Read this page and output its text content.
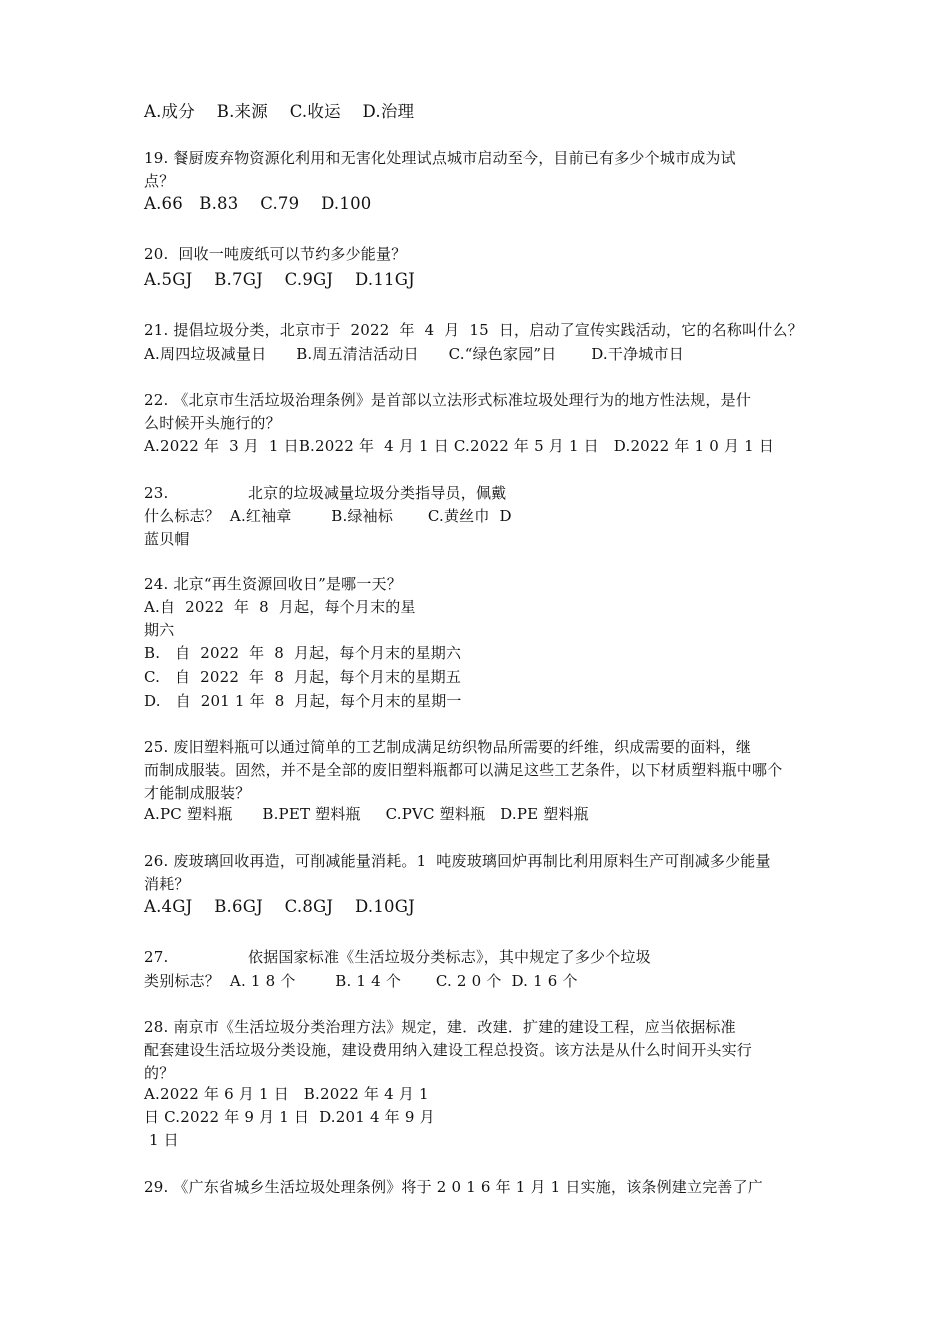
A.成分    B.来源    C.收运    D.治理
19. 餐厨废弃物资源化利用和无害化处理试点城市启动至今，目前已有多少个城市成为试
点？
A.66   B.83    C.79    D.100
20.  回收一吨废纸可以节约多少能量？
A.5GJ    B.7GJ    C.9GJ    D.11GJ
21. 提倡垃圾分类，北京市于  2022  年  4  月  15  日，启动了宣传实践活动，它的名称叫什么？
A.周四垃圾减量日      B.周五清洁活动日      C.“绿色家园”日       D.干净城市日
22. 《北京市生活垃圾治理条例》是首部以立法形式标准垃圾处理行为的地方性法规，是什
么时候开头施行的？
A.2022 年  3 月  1 日B.2022 年  4 月 1 日 C.2022 年 5 月 1 日   D.2022 年 1 0 月 1 日
23.                北京的垃圾减量垃圾分类指导员，佩戴
什么标志？  A.红袖章        B.绿袖标       C.黄丝巾  D
蓝贝帽
24. 北京“再生资源回收日”是哪一天？
A.自  2022  年  8  月起，每个月末的星
期六
B.   自  2022  年  8  月起，每个月末的星期六
C.   自  2022  年  8  月起，每个月末的星期五
D.   自  201 1 年  8  月起，每个月末的星期一
25. 废旧塑料瓶可以通过简单的工艺制成满足纺织物品所需要的纤维，织成需要的面料，继
而制成服装。固然，并不是全部的废旧塑料瓶都可以满足这些工艺条件，以下材质塑料瓶中哪个
才能制成服装？
A.PC 塑料瓶      B.PET 塑料瓶     C.PVC 塑料瓶   D.PE 塑料瓶
26. 废玻璃回收再造，可削减能量消耗。1  吨废玻璃回炉再制比利用原料生产可削减多少能量
消耗？
A.4GJ    B.6GJ    C.8GJ    D.10GJ
27.                依据国家标准《生活垃圾分类标志》，其中规定了多少个垃圾
类别标志？  A. 1 8 个        B. 1 4 个       C. 2 0 个  D. 1 6 个
28. 南京市《生活垃圾分类治理方法》规定，建．改建．扩建的建设工程，应当依据标准
配套建设生活垃圾分类设施，建设费用纳入建设工程总投资。该方法是从什么时间开头实行
的？
A.2022 年 6 月 1 日   B.2022 年 4 月 1
日 C.2022 年 9 月 1 日  D.201 4 年 9 月
1 日
29. 《广东省城乡生活垃圾处理条例》将于 2 0 1 6 年 1 月 1 日实施，该条例建立完善了广
